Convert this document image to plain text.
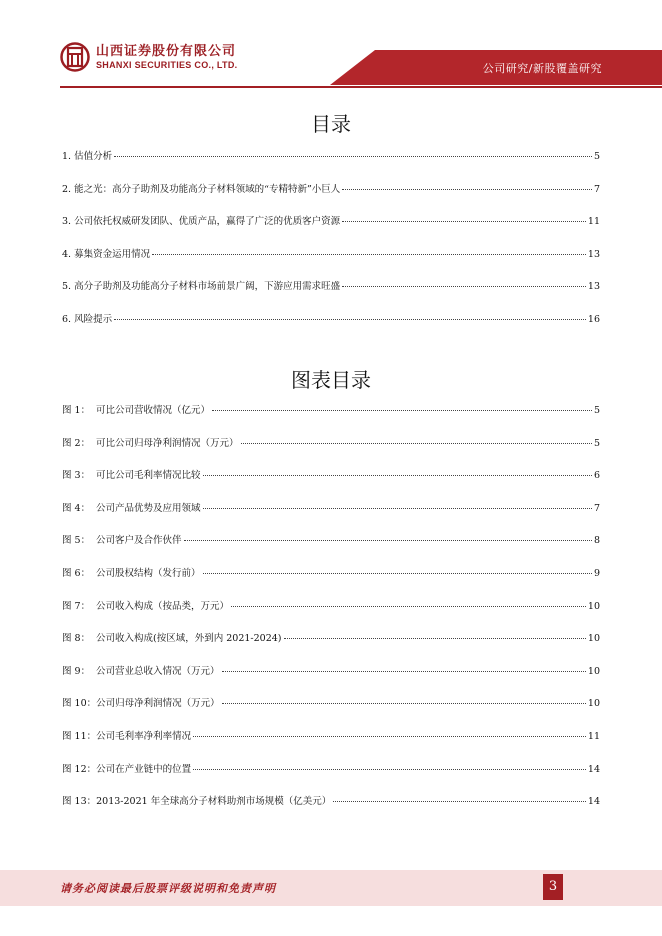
山西证券股份有限公司
SHANXI SECURITIES CO., LTD.	公司研究/新股覆盖研究
目录
1. 估值分析	5
2. 能之光：高分子助剂及功能高分子材料领域的“专精特新”小巨人	7
3. 公司依托权威研发团队、优质产品，赢得了广泛的优质客户资源	11
4. 募集资金运用情况	13
5. 高分子助剂及功能高分子材料市场前景广阔，下游应用需求旺盛	13
6. 风险提示	16
图表目录
图 1： 可比公司营收情况（亿元）	5
图 2： 可比公司归母净利润情况（万元）	5
图 3： 可比公司毛利率情况比较	6
图 4： 公司产品优势及应用领域	7
图 5： 公司客户及合作伙伴	8
图 6： 公司股权结构（发行前）	9
图 7： 公司收入构成（按品类，万元）	10
图 8： 公司收入构成(按区域，外到内 2021-2024)	10
图 9： 公司营业总收入情况（万元）	10
图 10：公司归母净利润情况（万元）	10
图 11：公司毛利率净利率情况	11
图 12：公司在产业链中的位置	14
图 13：2013-2021 年全球高分子材料助剂市场规模（亿美元）	14
请务必阅读最后股票评级说明和免责声明	3
